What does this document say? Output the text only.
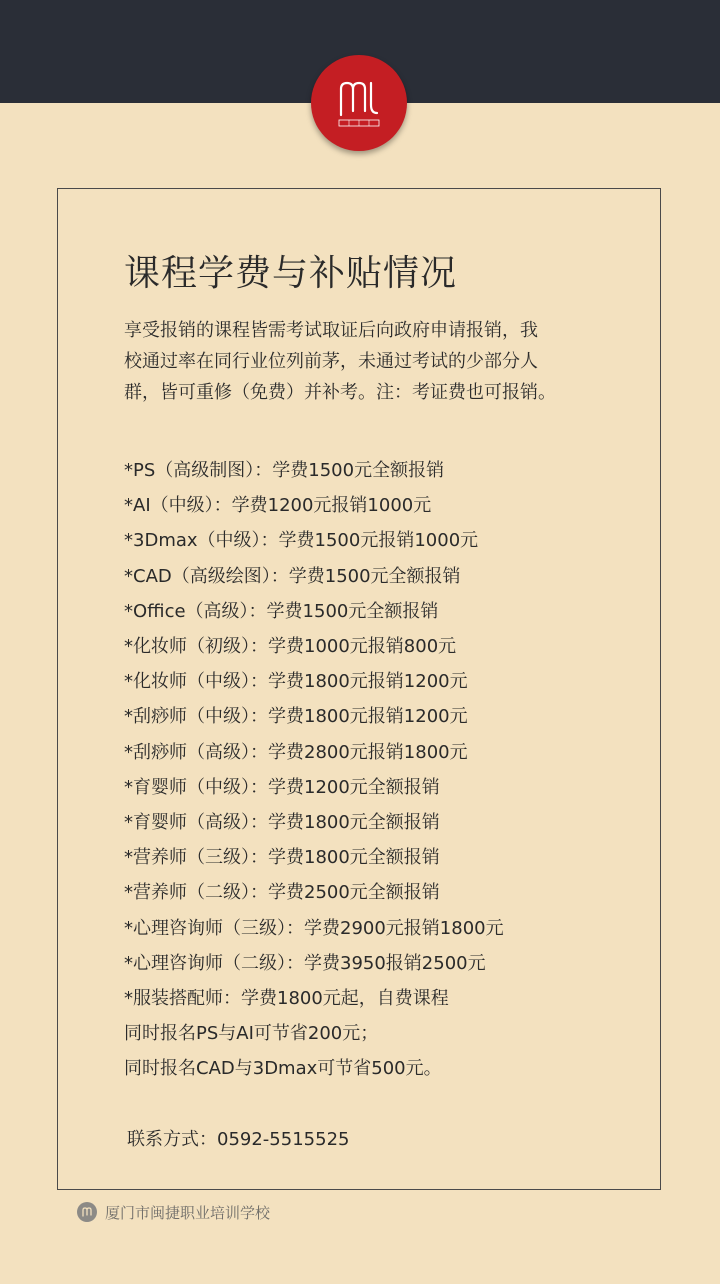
课程学费与补贴情况
享受报销的课程皆需考试取证后向政府申请报销，我
校通过率在同行业位列前茅，未通过考试的少部分人
群，皆可重修（免费）并补考。注：考证费也可报销。
*PS（高级制图）：学费1500元全额报销
*AI（中级）：学费1200元报销1000元
*3Dmax（中级）：学费1500元报销1000元
*CAD（高级绘图）：学费1500元全额报销
*Office（高级）：学费1500元全额报销
*化妆师（初级）：学费1000元报销800元
*化妆师（中级）：学费1800元报销1200元
*刮痧师（中级）：学费1800元报销1200元
*刮痧师（高级）：学费2800元报销1800元
*育婴师（中级）：学费1200元全额报销
*育婴师（高级）：学费1800元全额报销
*营养师（三级）：学费1800元全额报销
*营养师（二级）：学费2500元全额报销
*心理咨询师（三级）：学费2900元报销1800元
*心理咨询师（二级）：学费3950报销2500元
*服装搭配师：学费1800元起，自费课程
同时报名PS与AI可节省200元；
同时报名CAD与3Dmax可节省500元。
联系方式：0592-5515525
厦门市闽捷职业培训学校
